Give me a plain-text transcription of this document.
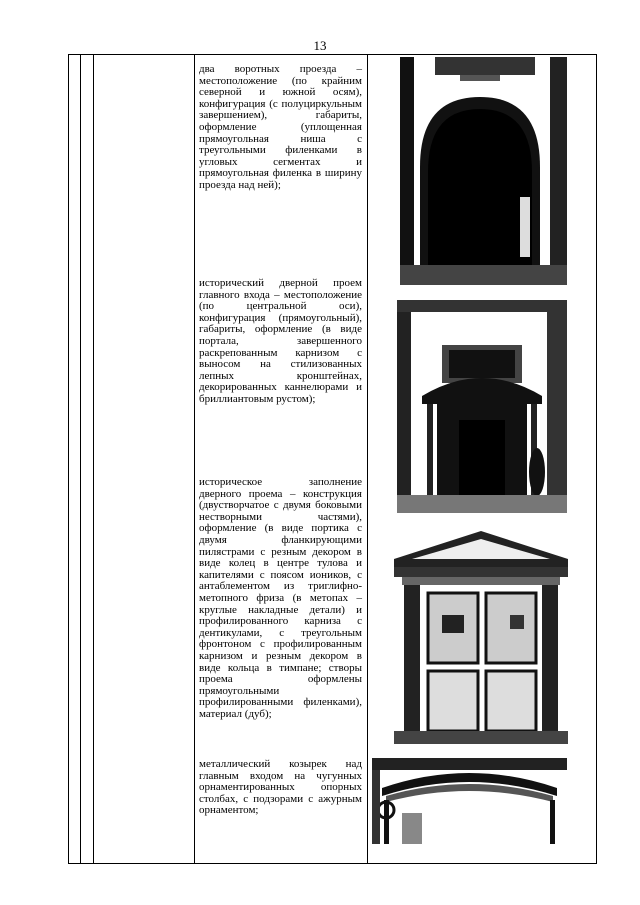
13
два воротных проезда – местоположение (по крайним северной и южной осям), конфигурация (с полуциркульным завершением), габариты, оформление (уплощенная прямоугольная ниша с треугольными филенками в угловых сегментах и прямоугольная филенка в ширину проезда над ней);
исторический дверной проем главного входа – местоположение (по центральной оси), конфигурация (прямоугольный), габариты, оформление (в виде портала, завершенного раскрепованным карнизом с выносом на стилизованных лепных кронштейнах, декорированных каннелюрами и бриллиантовым рустом);
историческое заполнение дверного проема – конструкция (двустворчатое с двумя боковыми нестворными частями), оформление (в виде портика с двумя фланкирующими пилястрами с резным декором в виде колец в центре тулова и капителями с поясом иоников, с антаблементом из триглифно-метопного фриза (в метопах – круглые накладные детали) и профилированного карниза с дентикулами, с треугольным фронтоном с профилированным карнизом и резным декором в виде кольца в тимпане; створы проема оформлены прямоугольными профилированными филенками), материал (дуб);
металлический козырек над главным входом на чугунных орнаментированных опорных столбах, с подзорами с ажурным орнаментом;
